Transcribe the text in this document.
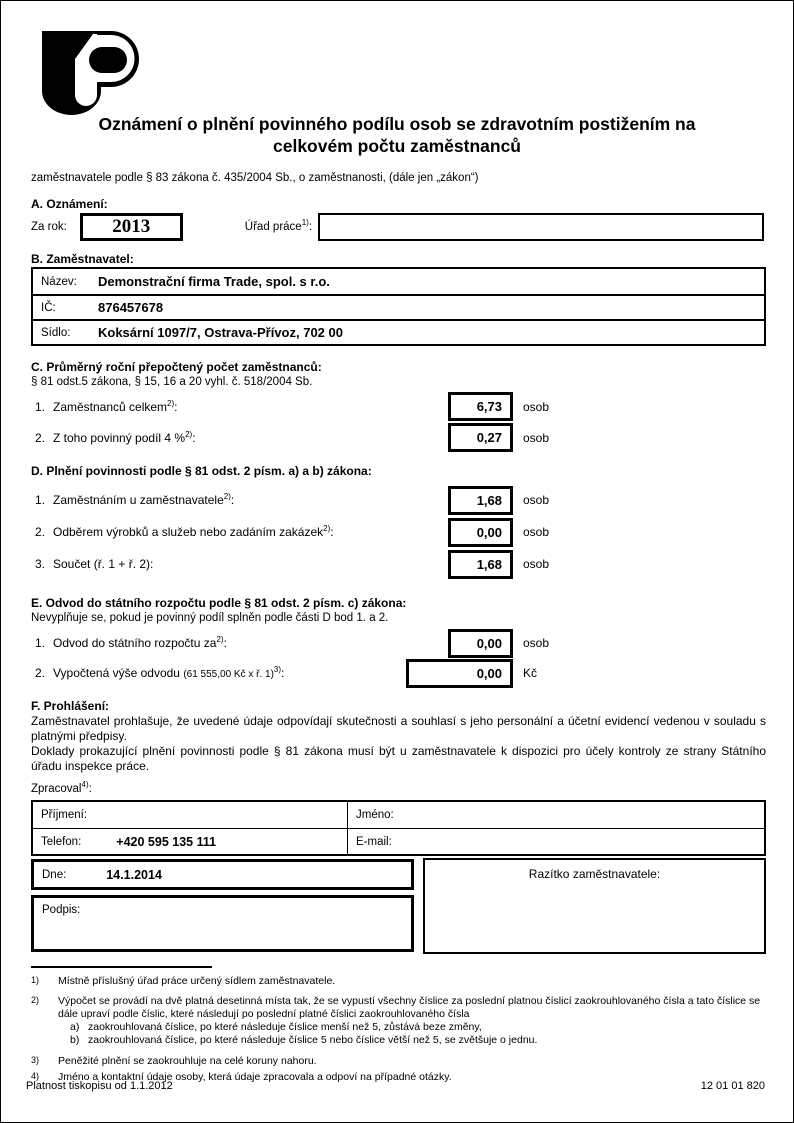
Oznámení o plnění povinného podílu osob se zdravotním postižením na celkovém počtu zaměstnanců
zaměstnavatele podle § 83 zákona č. 435/2004 Sb., o zaměstnanosti, (dále jen „zákon“)
A. Oznámení:
Za rok:	2013	Úřad práce$^{1)}$:
B. Zaměstnavatel:
Název:	Demonstrační firma Trade, spol. s r.o.
IČ:	876457678
Sídlo:	Koksární 1097/7, Ostrava-Přívoz, 702 00
C. Průměrný roční přepočtený počet zaměstnanců:
§ 81 odst.5 zákona, § 15, 16 a 20 vyhl. č. 518/2004 Sb.
1. Zaměstnanců celkem$^{2)}$:	6,73	osob
2. Z toho povinný podíl 4 %$^{2)}$:	0,27	osob
D. Plnění povinnosti podle § 81 odst. 2 písm. a) a b) zákona:
1. Zaměstnáním u zaměstnavatele$^{2)}$:	1,68	osob
2. Odběrem výrobků a služeb nebo zadáním zakázek$^{2)}$:	0,00	osob
3. Součet (ř. 1 + ř. 2):	1,68	osob
E. Odvod do státního rozpočtu podle § 81 odst. 2 písm. c) zákona:
Nevyplňuje se, pokud je povinný podíl splněn podle části D bod 1. a 2.
1. Odvod do státního rozpočtu $za^{2)}$:	0,00	osob
2. Vypočtená výše odvodu (61 555,00 Kč x ř. 1)$^{3)}$:	0,00	Kč
F. Prohlášení:

Zaměstnavatel prohlašuje, že uvedené údaje odpovídají skutečnosti a souhlasí s jeho personální a účetní evidencí vedenou v souladu s platnými předpisy.

Doklady prokazující plnění povinnosti podle § 81 zákona musí být u zaměstnavatele k dispozici pro účely kontroly ze strany Státního úřadu inspekce práce.

Zpracoval$^{4)}$:
Příjmení:	Jméno:
Telefon:	+420 595 135 111	E-mail:
Dne:	14.1.2014
Podpis:
Razítko zaměstnavatele:
1)	Místně příslušný úřad práce určený sídlem zaměstnavatele.
2)	Výpočet se provádí na dvě platná desetinná místa tak, že se vypustí všechny číslice za poslední platnou číslicí zaokrouhlovaného čísla a tato číslice se dále upraví podle číslic, které následují po poslední platné číslici zaokrouhlovaného čísla
a) zaokrouhlovaná číslice, po které následuje číslice menší než 5, zůstává beze změny,
b) zaokrouhlovaná číslice, po které následuje číslice 5 nebo číslice větší než 5, se zvětšuje o jednu.
3)	Peněžité plnění se zaokrouhluje na celé koruny nahoru.
4)	Jméno a kontaktní údaje osoby, která údaje zpracovala a odpoví na případné otázky.
Platnost tiskopisu od 1.1.2012	12 01 01 820
